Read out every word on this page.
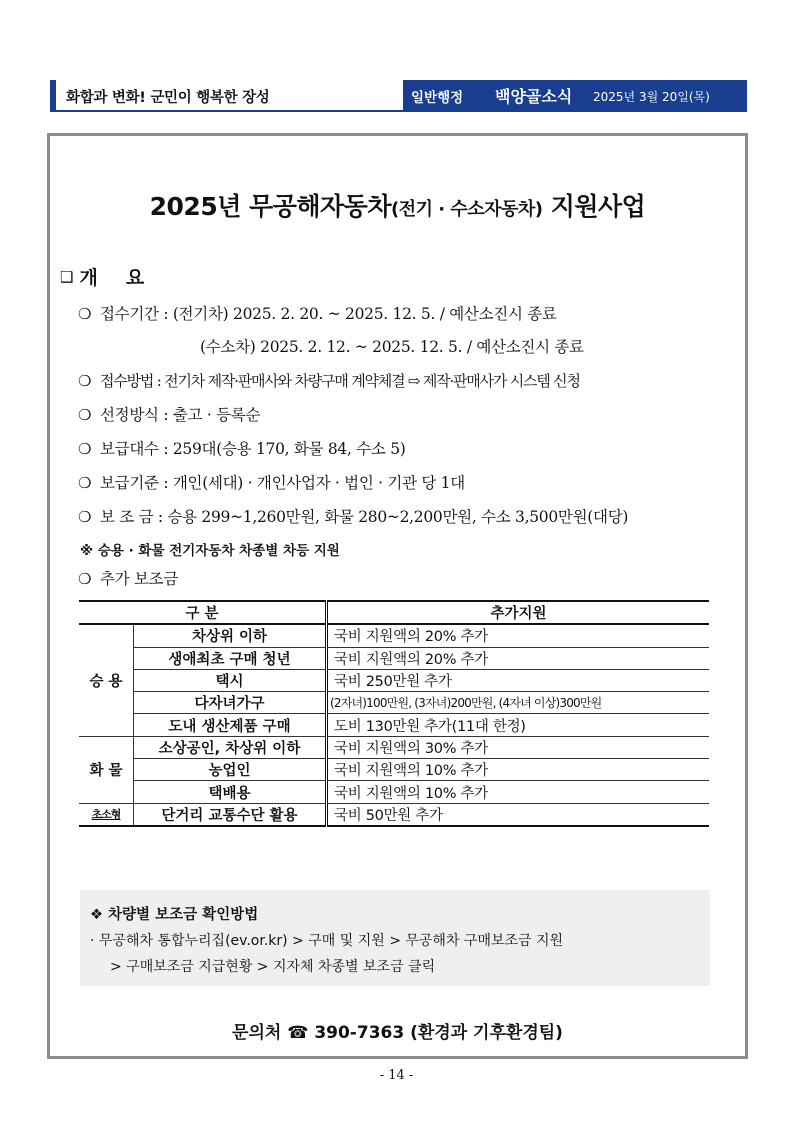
화합과 변화! 군민이 행복한 장성	일반행정 백양골소식 2025년 3월 20일(목)
2025년 무공해자동차(전기 · 수소자동차) 지원사업
❑ 개 요
❍ 접수기간 : (전기차) 2025. 2. 20. ~ 2025. 12. 5. / 예산소진시 종료
(수소차) 2025. 2. 12. ~ 2025. 12. 5. / 예산소진시 종료
❍ 접수방법 : 전기차 제작·판매사와 차량구매 계약체결 ⇨ 제작·판매사가 시스템 신청
❍ 선정방식 : 출고 · 등록순
❍ 보급대수 : 259대(승용 170, 화물 84, 수소 5)
❍ 보급기준 : 개인(세대) · 개인사업자 · 법인 · 기관 당 1대
❍ 보 조 금 : 승용 299~1,260만원, 화물 280~2,200만원, 수소 3,500만원(대당)
※ 승용 · 화물 전기자동차 차종별 차등 지원
❍ 추가 보조금
구 분		추가지원
승 용	차상위 이하	국비 지원액의 20% 추가
	생애최초 구매 청년	국비 지원액의 20% 추가
	택시	국비 250만원 추가
	다자녀가구	(2자녀)100만원, (3자녀)200만원, (4자녀 이상)300만원
	도내 생산제품 구매	도비 130만원 추가(11대 한정)
화 물	소상공인, 차상위 이하	국비 지원액의 30% 추가
	농업인	국비 지원액의 10% 추가
	택배용	국비 지원액의 10% 추가
초소형	단거리 교통수단 활용	국비 50만원 추가
❖ 차량별 보조금 확인방법
· 무공해차 통합누리집(ev.or.kr) > 구매 및 지원 > 무공해차 구매보조금 지원
> 구매보조금 지급현황 > 지자체 차종별 보조금 클릭
문의처 ☎ 390-7363 (환경과 기후환경팀)
- 14 -
